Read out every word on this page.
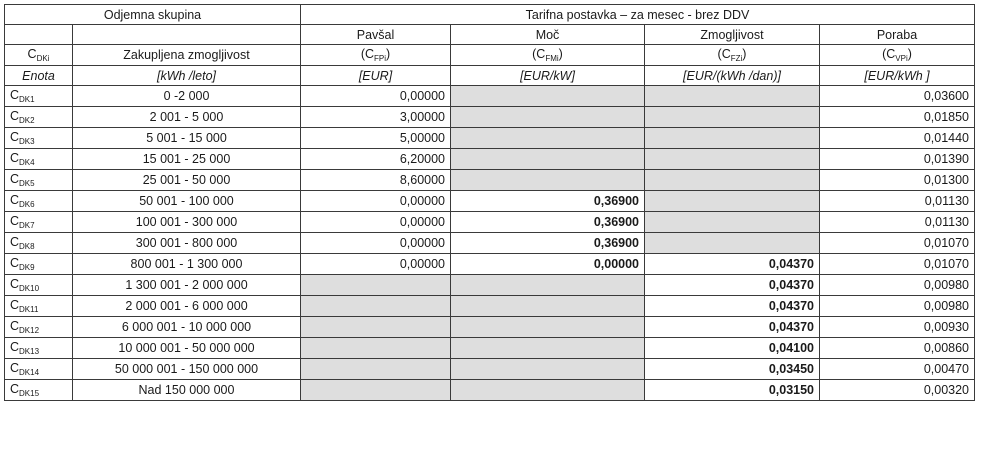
Odjemna skupina		Tarifna postavka – za mesec - brez DDV			
		Pavšal	Moč	Zmogljivost	Poraba
$C_{DKi}$	Zakupljena zmogljivost	$(C_{FPi})$	$(C_{FMi})$	$(C_{FZi})$	$(C_{VPi})$
Enota	[kWh /leto]	[EUR]	[EUR/kW]	[EUR/(kWh /dan)]	[EUR/kWh ]
$C_{DK1}$	0 -2 000	0,00000			0,03600
$C_{DK2}$	2 001 - 5 000	3,00000			0,01850
$C_{DK3}$	5 001 - 15 000	5,00000			0,01440
$C_{DK4}$	15 001 - 25 000	6,20000			0,01390
$C_{DK5}$	25 001 - 50 000	8,60000			0,01300
$C_{DK6}$	50 001 - 100 000	0,00000	0,36900		0,01130
$C_{DK7}$	100 001 - 300 000	0,00000	0,36900		0,01130
$C_{DK8}$	300 001 - 800 000	0,00000	0,36900		0,01070
$C_{DK9}$	800 001 - 1 300 000	0,00000	0,00000	0,04370	0,01070
$C_{DK10}$	1 300 001 - 2 000 000			0,04370	0,00980
$C_{DK11}$	2 000 001 - 6 000 000			0,04370	0,00980
$C_{DK12}$	6 000 001 - 10 000 000			0,04370	0,00930
$C_{DK13}$	10 000 001 - 50 000 000			0,04100	0,00860
$C_{DK14}$	50 000 001 - 150 000 000			0,03450	0,00470
$C_{DK15}$	Nad 150 000 000			0,03150	0,00320
